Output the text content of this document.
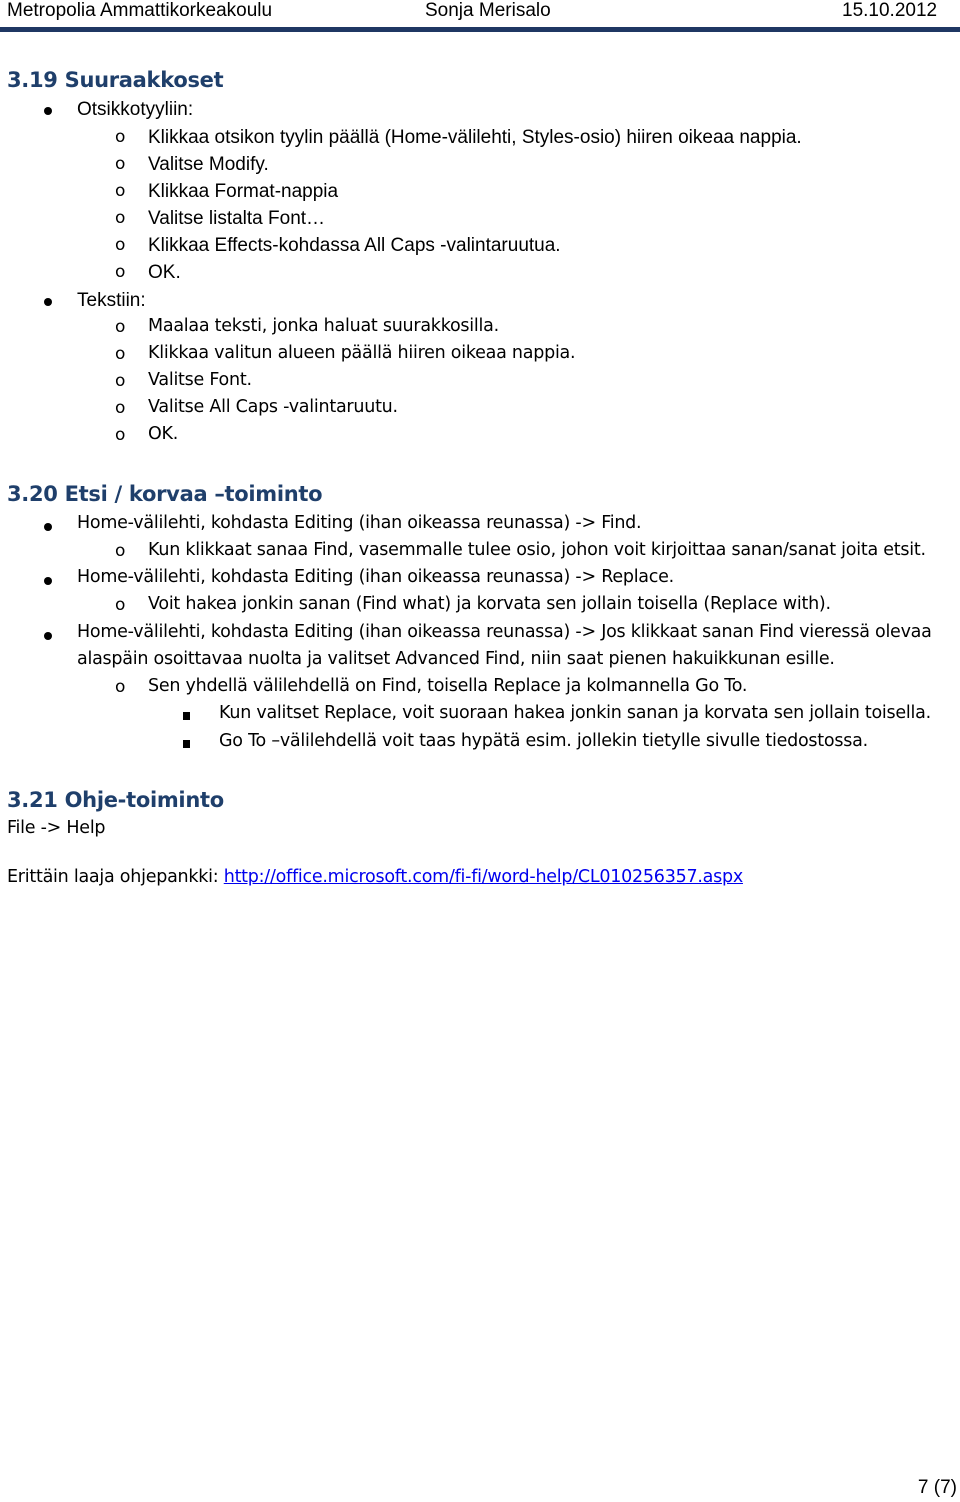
Metropolia Ammattikorkeakoulu	Sonja Merisalo	15.10.2012
3.19 Suuraakkoset
Otsikkotyyliin:
o Klikkaa otsikon tyylin päällä (Home-välilehti, Styles-osio) hiiren oikeaa nappia.
o Valitse Modify.
o Klikkaa Format-nappia
o Valitse listalta Font…
o Klikkaa Effects-kohdassa All Caps -valintaruutua.
o OK.
Tekstiin:
o Maalaa teksti, jonka haluat suurakkosilla.
o Klikkaa valitun alueen päällä hiiren oikeaa nappia.
o Valitse Font.
o Valitse All Caps -valintaruutu.
o OK.
3.20 Etsi / korvaa –toiminto
Home-välilehti, kohdasta Editing (ihan oikeassa reunassa) -> Find.
o Kun klikkaat sanaa Find, vasemmalle tulee osio, johon voit kirjoittaa sanan/sanat joita etsit.
Home-välilehti, kohdasta Editing (ihan oikeassa reunassa) -> Replace.
o Voit hakea jonkin sanan (Find what) ja korvata sen jollain toisella (Replace with).
Home-välilehti, kohdasta Editing (ihan oikeassa reunassa) -> Jos klikkaat sanan Find vieressä olevaa
alaspäin osoittavaa nuolta ja valitset Advanced Find, niin saat pienen hakuikkunan esille.
o Sen yhdellä välilehdellä on Find, toisella Replace ja kolmannella Go To.
Kun valitset Replace, voit suoraan hakea jonkin sanan ja korvata sen jollain toisella.
Go To –välilehdellä voit taas hypätä esim. jollekin tietylle sivulle tiedostossa.
3.21 Ohje-toiminto
File -> Help
Erittäin laaja ohjepankki: http://office.microsoft.com/fi-fi/word-help/CL010256357.aspx
7 (7)
